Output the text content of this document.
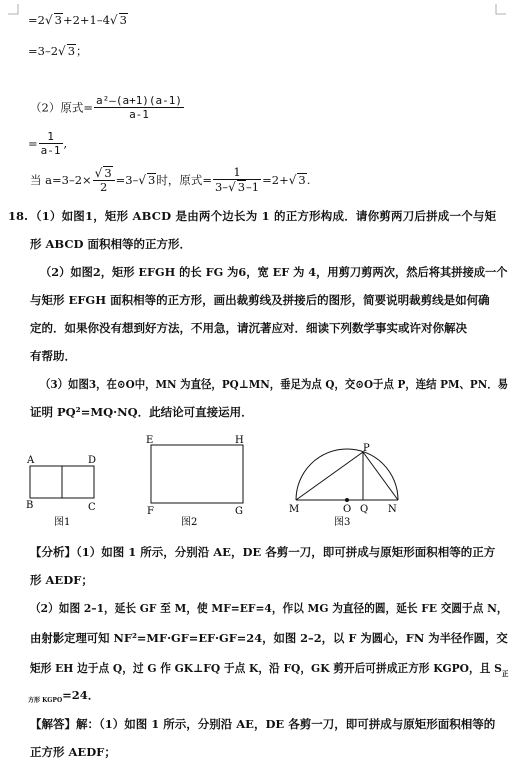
=2√ 3+2+1–4√ 3
=3–2√ 3；
（2）原式= $\frac{\text{a²–(a+1)(a-1)}}{a-1}$
= $\frac{1}{a-1}$ ,
当 $a=3-2\times \frac{√ 3}{2} =3-√$ 3时，原式= $\frac{1}{3-√ 3-1} =2+√$ 3.
18. （1）如图1，矩形 ABCD 是由两个边长为 1 的正方形构成．请你剪两刀后拼成一个与矩
形 ABCD 面积相等的正方形．
（2）如图2，矩形 EFGH 的长 FG 为6，宽 EF 为 4，用剪刀剪两次，然后将其拼接成一个
与矩形 EFGH 面积相等的正方形，画出裁剪线及拼接后的图形，简要说明裁剪线是如何确
定的．如果你没有想到好方法，不用急，请沉著应对．细读下列数学事实或许对你解决
有帮助．
（3）如图3，在⊙O中，MN 为直径，PQ⊥MN，垂足为点 Q，交⊙O于点 P，连结 PM、PN．易
证明 PQ²=MQ·NQ．此结论可直接运用．
A	D
B	C
图1
E	H
F	G
图2
P
M	O Q N
图3
【分析】（1）如图 1 所示，分别沿 AE，DE 各剪一刀，即可拼成与原矩形面积相等的正方
形 AEDF；
（2）如图 2–1，延长 GF 至 M，使 MF=EF=4，作以 MG 为直径的圆，延长 FE 交圆于点 N，
由射影定理可知 NF²=MF·GF=EF·GF=24，如图 2–2，以 F 为圆心，FN 为半径作圆，交
矩形 EH 边于点 Q，过 G 作 GK⊥FQ 于点 K，沿 FQ，GK 剪开后可拼成正方形 KGPO，且 $S_正$
$_{方形 KGPO}$=24．
【解答】解：（1）如图 1 所示，分别沿 AE，DE 各剪一刀，即可拼成与原矩形面积相等的
正方形 AEDF；
